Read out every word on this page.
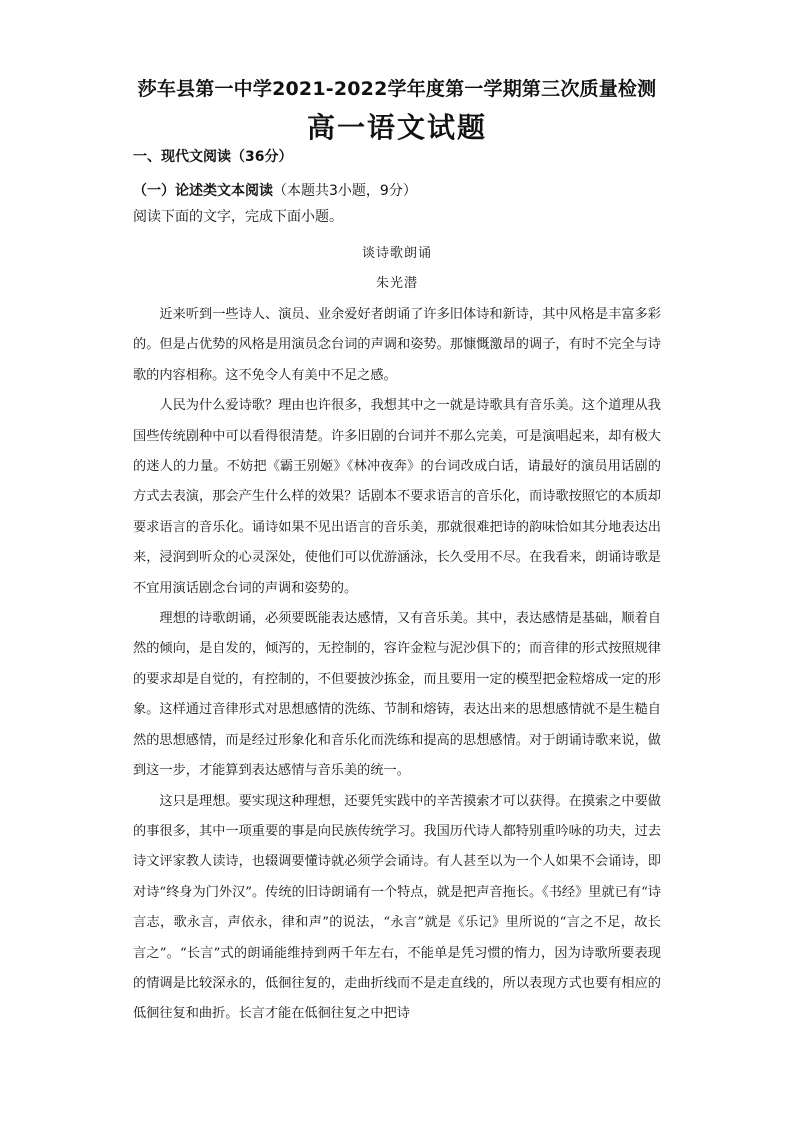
莎车县第一中学2021-2022学年度第一学期第三次质量检测
高一语文试题
一、现代文阅读（36分）
（一）论述类文本阅读（本题共3小题，9分）
阅读下面的文字，完成下面小题。
谈诗歌朗诵
朱光潜

近来听到一些诗人、演员、业余爱好者朗诵了许多旧体诗和新诗，其中风格是丰富多彩的。但是占优势的风格是用演员念台词的声调和姿势。那慷慨激昂的调子，有时不完全与诗歌的内容相称。这不免令人有美中不足之感。

人民为什么爱诗歌？理由也许很多，我想其中之一就是诗歌具有音乐美。这个道理从我国些传统剧种中可以看得很清楚。许多旧剧的台词并不那么完美，可是演唱起来，却有极大的迷人的力量。不妨把《霸王别姬》《林冲夜奔》的台词改成白话，请最好的演员用话剧的方式去表演，那会产生什么样的效果？话剧本不要求语言的音乐化，而诗歌按照它的本质却要求语言的音乐化。诵诗如果不见出语言的音乐美，那就很难把诗的韵味恰如其分地表达出来，浸润到听众的心灵深处，使他们可以优游涵泳，长久受用不尽。在我看来，朗诵诗歌是不宜用演话剧念台词的声调和姿势的。

理想的诗歌朗诵，必须要既能表达感情，又有音乐美。其中，表达感情是基础，顺着自然的倾向，是自发的，倾泻的，无控制的，容许金粒与泥沙俱下的；而音律的形式按照规律的要求却是自觉的，有控制的，不但要披沙拣金，而且要用一定的模型把金粒熔成一定的形象。这样通过音律形式对思想感情的洗练、节制和熔铸，表达出来的思想感情就不是生糙自然的思想感情，而是经过形象化和音乐化而洗练和提高的思想感情。对于朗诵诗歌来说，做到这一步，才能算到表达感情与音乐美的统一。

这只是理想。要实现这种理想，还要凭实践中的辛苦摸索才可以获得。在摸索之中要做的事很多，其中一项重要的事是向民族传统学习。我国历代诗人都特别重吟咏的功夫，过去诗文评家教人读诗，也辍调要懂诗就必须学会诵诗。有人甚至以为一个人如果不会诵诗，即对诗“终身为门外汉”。传统的旧诗朗诵有一个特点，就是把声音拖长。《书经》里就已有“诗言志，歌永言，声依永，律和声”的说法，“永言”就是《乐记》里所说的“言之不足，故长言之”。“长言”式的朗诵能维持到两千年左右，不能单是凭习惯的惰力，因为诗歌所要表现的情调是比较深永的，低徊往复的，走曲折线而不是走直线的，所以表现方式也要有相应的低徊往复和曲折。长言才能在低徊往复之中把诗
